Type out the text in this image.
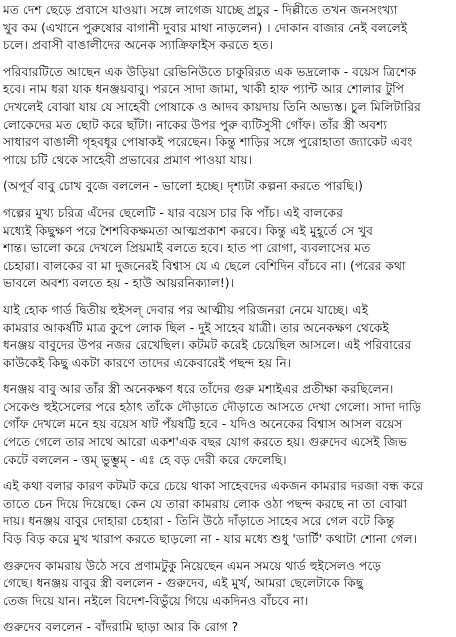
মত দেশ ছেড়ে প্রবাসে যাওয়া। সঙ্গে লাগেজ যাচ্ছে প্রচুর - দিল্লীতে তখন জনসংখ্যা
খুব কম (এখানে পুরুষোর বাগানী দুবার মাথা নাড়লেন) । দোকান বাজার নেই বললেই
চলে। প্রবাসী বাঙালীদের অনেক স্যাক্রিফাইস করতে হত।
পরিবারটিতে আছেন এক উড়িয়া রেভিনিউতে চাকুরিরত এক ভদ্রলোক - বয়েস ত্রিশেক
হবে। নাম ধরা যাক ধনঞ্জয়বাবু। পরনে সাদা জামা, খাকী হাফ প্যান্ট আর শোলার টুপি
দেখলেই বোঝা যায় যে সাহেবী পোষাকে ও আদব কায়দায় তিনি অভ্যস্ত। চুল মিলিটারির
লোকেদের মত ছোট করে ছাঁটা। নাকের উপর পুরু ব্যটিসুসী গোঁফ। তাঁর স্ত্রী অবশ্য
সাধারণ বাঙালী গৃহবধূর পোষাকই পরেছেন। কিন্তু শাড়ির সঙ্গে পুরোহাতা জ্যাকেট এবং
পায়ে চটি থেকে সাহেবী প্রভাবের প্রমাণ পাওয়া যায়।
(অপূর্ব বাবু চোখ বুজে বললেন - ভালো হচ্ছে। দৃশ্যটা কল্পনা করতে পারছি।)
গল্পের মুখ্য চরিত্র এঁদের ছেলেটি - যার বয়েস চার কি পাঁচ। এই বালকের
মধ্যেই কিছুক্ষণ পরে শৈশবিকক্ষমতা আত্মপ্রকাশ করবে। কিন্তু এই মুহূর্তে সে খুব
শান্ত। ভালো করে দেখলে প্রিয়মাই বলতে হবে। হাত পা রোগা, ব্যবলাসের মত
চেহারা। বালকের বা মা দুজনেরই বিশ্বাস যে এ ছেলে বেশিদিন বাঁচবে না। (পরের কথা
ভাবলে অবশ্য বলতে হয় - হাউ আয়রনিক্যাল!)।
যাই হোক গার্ড দ্বিতীয় হুইসল্ দেবার পর আত্মীয় পরিজনরা নেমে যাচ্ছে। এই
কামরার আকর্ষটি মাত্র কুপে লোক ছিল - দুই সাহেব যাত্রী। তার অনেকক্ষণ থেকেই
ধনঞ্জয় বাবুদের উপর নজর রেখেছিল। কটমট করেই চেয়েছিল আসলে। এই পরিবারের
কাউকেই কিছু একটা কারণে তাদের একেবারেই পছন্দ হয় নি।
ধনঞ্জয় বাবু আর তাঁর স্ত্রী অনেকক্ষণ ধরে তাঁদের গুরু মশাইএর প্রতীক্ষা করছিলেন।
সেকেণ্ড হুইসেলের পরে হঠাৎ তাঁকে দৌড়াতে দৌড়াতে আসতে দেখা গেলো। সাদা দাড়ি
গোঁফ দেখলে মনে হয় বয়েস ষাট পঁয়ষট্টি হবে - যদিও অনেকের বিশ্বাস আসল বয়েস
পেতে গেলে তার সাথে আরো একশ'এক বছর যোগ করতে হয়। গুরুদেব এসেই জিভ
কেটে বললেন - ত্তম্ ভুম্ভুম্ - এঃ হে বড় দেরী করে ফেলেছি।
এই কথা বলার কারণ কটমট করে চেয়ে থাকা সাহেবদের একজন কামরার দরজা বন্ধ করে
তাতে চেন দিয়ে দিয়েছে। কেন যে তারা কামরায় লোক ওঠা পছন্দ করছে না তা বোঝা
দায়। ধনঞ্জয় বাবুর দোহারা চেহারা - তিনি উঠে দাঁড়াতে সাহেব সরে গেল বটে কিন্তু
বিড় বিড় করে মুখ খারাপ করতে ছাড়লো না - যার মধ্যে শুধু 'ডার্টি' কথাটা শোনা গেল।
গুরুদেব কামরায় উঠে সবে প্রণামটুকু নিয়েছেন এমন সময়ে থার্ড হুইসেলও পড়ে
গেছে। ধনঞ্জয় বাবুর স্ত্রী বললেন - গুরুদেব, এই মুর্খ, আমরা ছেলেটাকে কিছু
তেজ দিয়ে যান। নইলে বিদেশ-বিভুঁয়ে গিয়ে একদিনও বাঁচবে না।
গুরুদেব বললেন - বাঁদরামি ছাড়া আর কি রোগ ?
